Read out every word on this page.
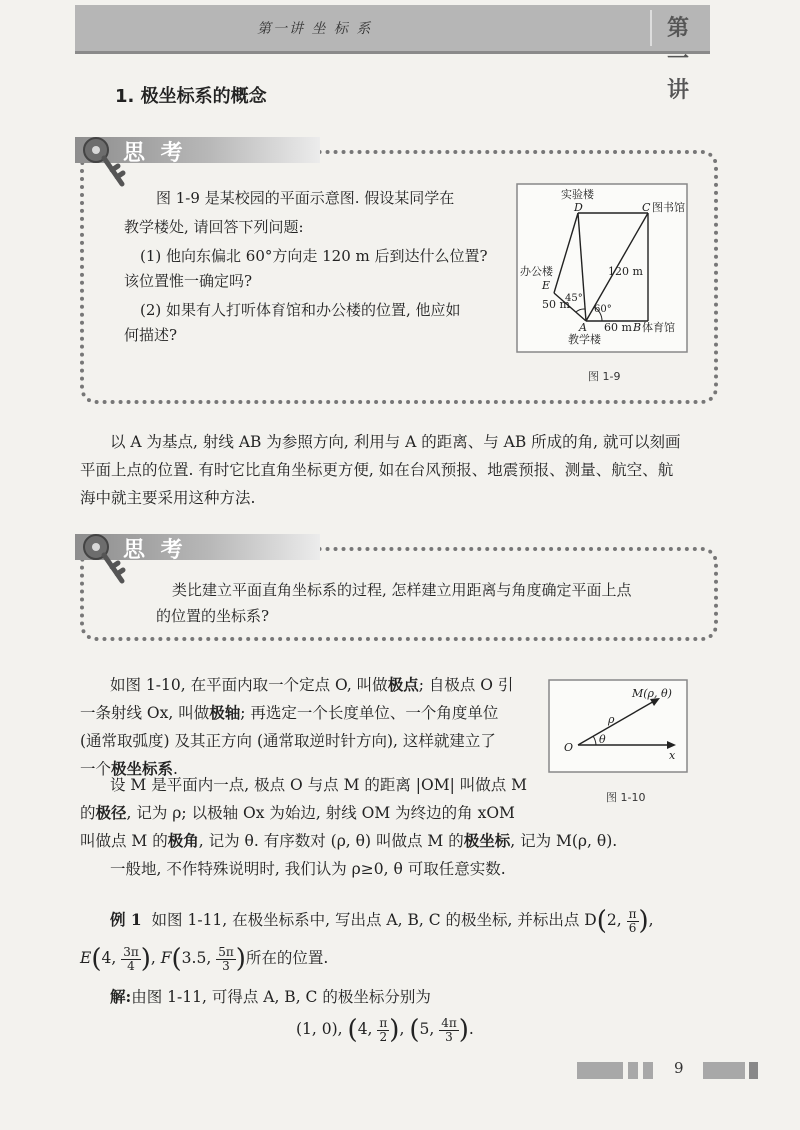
第一讲 坐 标 系	第 一 讲
1. 极坐标系的概念
思 考

图 1-9 是某校园的平面示意图. 假设某同学在

教学楼处, 请回答下列问题:

(1) 他向东偏北 60°方向走 120 m 后到达什么位置?

该位置惟一确定吗?

(2) 如果有人打听体育馆和办公楼的位置, 他应如

何描述?

实验楼
D	C 图书馆
办公楼
E
120 m
45°
60°
50 m
A 60 m B 体育馆
教学楼
图 1-9

以 A 为基点, 射线 AB 为参照方向, 利用与 A 的距离、与 AB 所成的角, 就可以刻画

平面上点的位置. 有时它比直角坐标更方便, 如在台风预报、地震预报、测量、航空、航

海中就主要采用这种方法.

思 考

类比建立平面直角坐标系的过程, 怎样建立用距离与角度确定平面上点

的位置的坐标系?

如图 1-10, 在平面内取一个定点 O, 叫做极点; 自极点 O 引

一条射线 Ox, 叫做极轴; 再选定一个长度单位、一个角度单位

(通常取弧度) 及其正方向 (通常取逆时针方向), 这样就建立了

一个极坐标系.

M(ρ, θ)
ρ
θ
O
x
图 1-10

设 M 是平面内一点, 极点 O 与点 M 的距离 |OM| 叫做点 M

的极径, 记为 ρ; 以极轴 Ox 为始边, 射线 OM 为终边的角 xOM

叫做点 M 的极角, 记为 θ. 有序数对 (ρ, θ) 叫做点 M 的极坐标, 记为 M(ρ, θ).

一般地, 不作特殊说明时, 我们认为 ρ≥0, θ 可取任意实数.

例 1 如图 1-11, 在极坐标系中, 写出点 A, B, C 的极坐标, 并标出点 D(2, $\frac{\pi}{6}$ ),

E(4, $\frac{3\pi}{4}$ ), F(3.5, $\frac{5\pi}{3}$ )所在的位置.

解:由图 1-11, 可得点 A, B, C 的极坐标分别为

(1, 0), (4, $\frac{\pi}{2}$ ), (5, $\frac{4\pi}{3}$ ).

9
